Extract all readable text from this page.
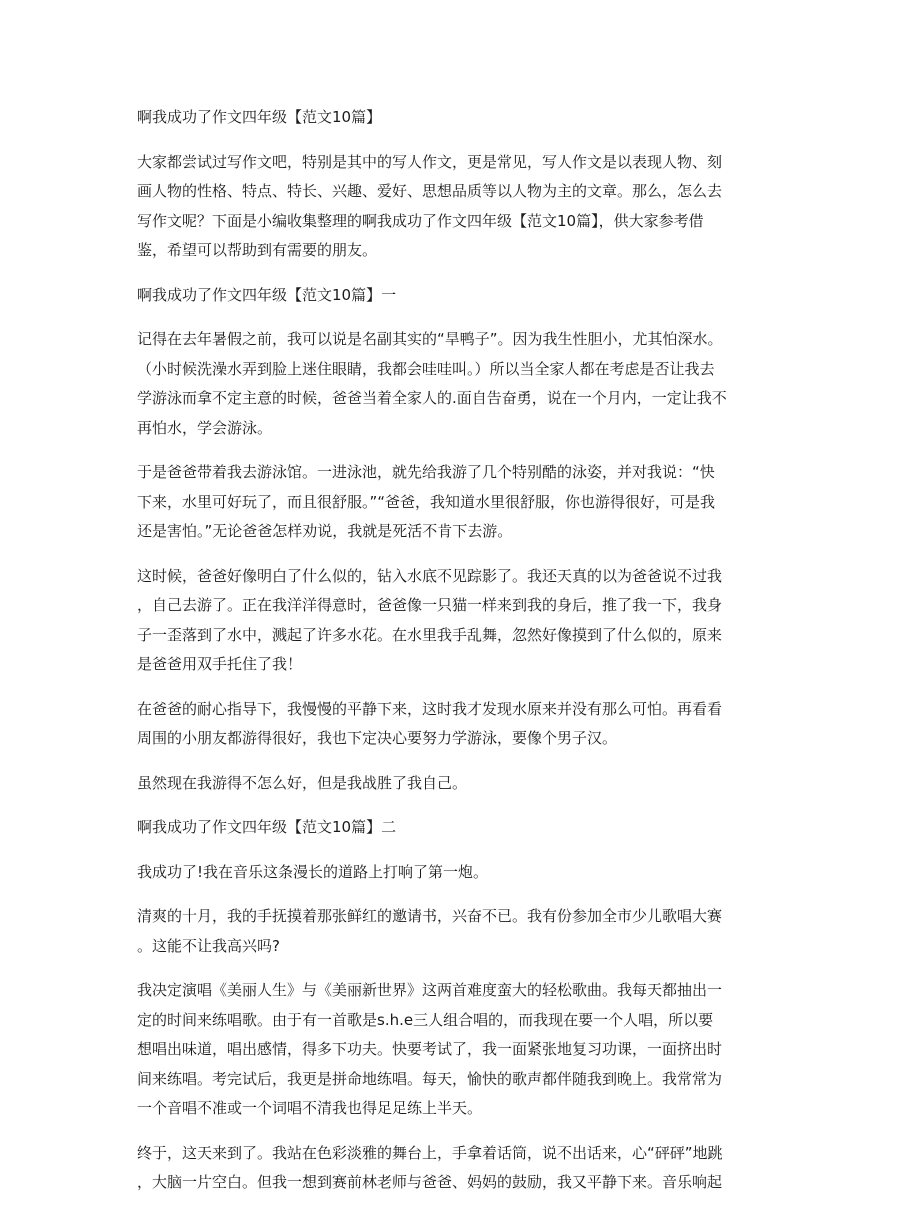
啊我成功了作文四年级【范文10篇】

大家都尝试过写作文吧，特别是其中的写人作文，更是常见，写人作文是以表现人物、刻
画人物的性格、特点、特长、兴趣、爱好、思想品质等以人物为主的文章。那么，怎么去
写作文呢？下面是小编收集整理的啊我成功了作文四年级【范文10篇】，供大家参考借
鉴，希望可以帮助到有需要的朋友。

啊我成功了作文四年级【范文10篇】一

记得在去年暑假之前，我可以说是名副其实的“旱鸭子”。因为我生性胆小，尤其怕深水。
（小时候洗澡水弄到脸上迷住眼睛，我都会哇哇叫。）所以当全家人都在考虑是否让我去
学游泳而拿不定主意的时候，爸爸当着全家人的.面自告奋勇，说在一个月内，一定让我不
再怕水，学会游泳。

于是爸爸带着我去游泳馆。一进泳池，就先给我游了几个特别酷的泳姿，并对我说：“快
下来，水里可好玩了，而且很舒服。”“爸爸，我知道水里很舒服，你也游得很好，可是我
还是害怕。”无论爸爸怎样劝说，我就是死活不肯下去游。

这时候，爸爸好像明白了什么似的，钻入水底不见踪影了。我还天真的以为爸爸说不过我
，自己去游了。正在我洋洋得意时，爸爸像一只猫一样来到我的身后，推了我一下，我身
子一歪落到了水中，溅起了许多水花。在水里我手乱舞，忽然好像摸到了什么似的，原来
是爸爸用双手托住了我！

在爸爸的耐心指导下，我慢慢的平静下来，这时我才发现水原来并没有那么可怕。再看看
周围的小朋友都游得很好，我也下定决心要努力学游泳，要像个男子汉。

虽然现在我游得不怎么好，但是我战胜了我自己。

啊我成功了作文四年级【范文10篇】二

我成功了!我在音乐这条漫长的道路上打响了第一炮。

清爽的十月，我的手抚摸着那张鲜红的邀请书，兴奋不已。我有份参加全市少儿歌唱大赛
。这能不让我高兴吗?

我决定演唱《美丽人生》与《美丽新世界》这两首难度蛮大的轻松歌曲。我每天都抽出一
定的时间来练唱歌。由于有一首歌是s.h.e三人组合唱的，而我现在要一个人唱，所以要
想唱出味道，唱出感情，得多下功夫。快要考试了，我一面紧张地复习功课，一面挤出时
间来练唱。考完试后，我更是拼命地练唱。每天，愉快的歌声都伴随我到晚上。我常常为
一个音唱不准或一个词唱不清我也得足足练上半天。

终于，这天来到了。我站在色彩淡雅的舞台上，手拿着话筒，说不出话来，心“砰砰”地跳
，大脑一片空白。但我一想到赛前林老师与爸爸、妈妈的鼓励，我又平静下来。音乐响起
